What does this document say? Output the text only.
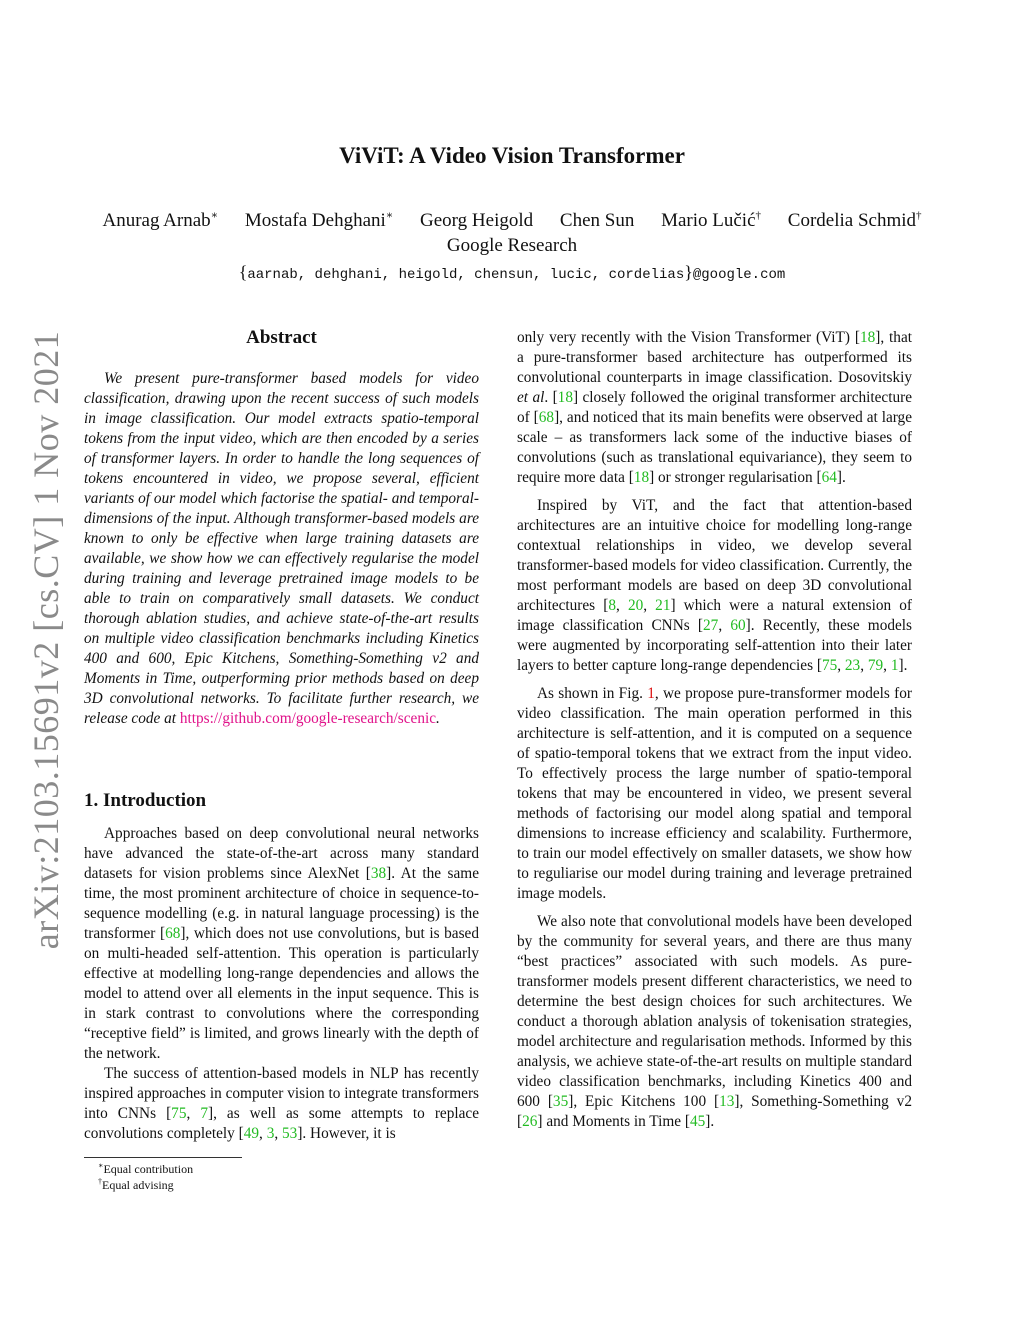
ViViT: A Video Vision Transformer
Anurag Arnab∗ Mostafa Dehghani∗ Georg Heigold Chen Sun Mario Lučić† Cordelia Schmid†
Google Research
{aarnab, dehghani, heigold, chensun, lucic, cordelias}@google.com
arXiv:2103.15691v2 [cs.CV] 1 Nov 2021	Abstract
We present pure-transformer based models for video classification, drawing upon the recent success of such models in image classification. Our model extracts spatio-temporal tokens from the input video, which are then encoded by a series of transformer layers. In order to handle the long sequences of tokens encountered in video, we propose several, efficient variants of our model which factorise the spatial- and temporal-dimensions of the input. Although transformer-based models are known to only be effective when large training datasets are available, we show how we can effectively regularise the model during training and leverage pretrained image models to be able to train on comparatively small datasets. We conduct thorough ablation studies, and achieve state-of-the-art results on multiple video classification benchmarks including Kinetics 400 and 600, Epic Kitchens, Something-Something v2 and Moments in Time, outperforming prior methods based on deep 3D convolutional networks. To facilitate further research, we release code at https://github.com/google-research/scenic.
1. Introduction

Approaches based on deep convolutional neural networks have advanced the state-of-the-art across many standard datasets for vision problems since AlexNet [38]. At the same time, the most prominent architecture of choice in sequence-to-sequence modelling (e.g. in natural language processing) is the transformer [68], which does not use convolutions, but is based on multi-headed self-attention. This operation is particularly effective at modelling long-range dependencies and allows the model to attend over all elements in the input sequence. This is in stark contrast to convolutions where the corresponding “receptive field” is limited, and grows linearly with the depth of the network.

The success of attention-based models in NLP has recently inspired approaches in computer vision to integrate transformers into CNNs [75, 7], as well as some attempts to replace convolutions completely [49, 3, 53]. However, it is

only very recently with the Vision Transformer (ViT) [18], that a pure-transformer based architecture has outperformed its convolutional counterparts in image classification. Dosovitskiy et al. [18] closely followed the original transformer architecture of [68], and noticed that its main benefits were observed at large scale – as transformers lack some of the inductive biases of convolutions (such as translational equivariance), they seem to require more data [18] or stronger regularisation [64].

Inspired by ViT, and the fact that attention-based architectures are an intuitive choice for modelling long-range contextual relationships in video, we develop several transformer-based models for video classification. Currently, the most performant models are based on deep 3D convolutional architectures [8, 20, 21] which were a natural extension of image classification CNNs [27, 60]. Recently, these models were augmented by incorporating self-attention into their later layers to better capture long-range dependencies [75, 23, 79, 1].

As shown in Fig. 1, we propose pure-transformer models for video classification. The main operation performed in this architecture is self-attention, and it is computed on a sequence of spatio-temporal tokens that we extract from the input video. To effectively process the large number of spatio-temporal tokens that may be encountered in video, we present several methods of factorising our model along spatial and temporal dimensions to increase efficiency and scalability. Furthermore, to train our model effectively on smaller datasets, we show how to reguliarise our model during training and leverage pretrained image models.

We also note that convolutional models have been developed by the community for several years, and there are thus many “best practices” associated with such models. As pure-transformer models present different characteristics, we need to determine the best design choices for such architectures. We conduct a thorough ablation analysis of tokenisation strategies, model architecture and regularisation methods. Informed by this analysis, we achieve state-of-the-art results on multiple standard video classification benchmarks, including Kinetics 400 and 600 [35], Epic Kitchens 100 [13], Something-Something v2 [26] and Moments in Time [45].

∗Equal contribution
†Equal advising
